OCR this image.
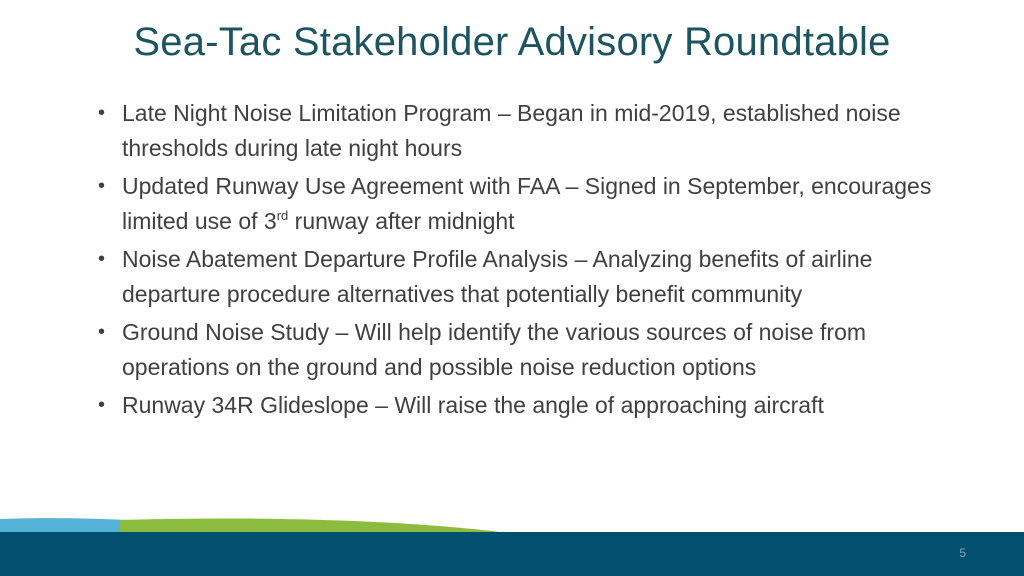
Sea-Tac Stakeholder Advisory Roundtable
• Late Night Noise Limitation Program – Began in mid-2019, established noise thresholds during late night hours
• Updated Runway Use Agreement with FAA – Signed in September, encourages limited use of 3rd runway after midnight
• Noise Abatement Departure Profile Analysis – Analyzing benefits of airline departure procedure alternatives that potentially benefit community
• Ground Noise Study – Will help identify the various sources of noise from operations on the ground and possible noise reduction options
• Runway 34R Glideslope – Will raise the angle of approaching aircraft
5
